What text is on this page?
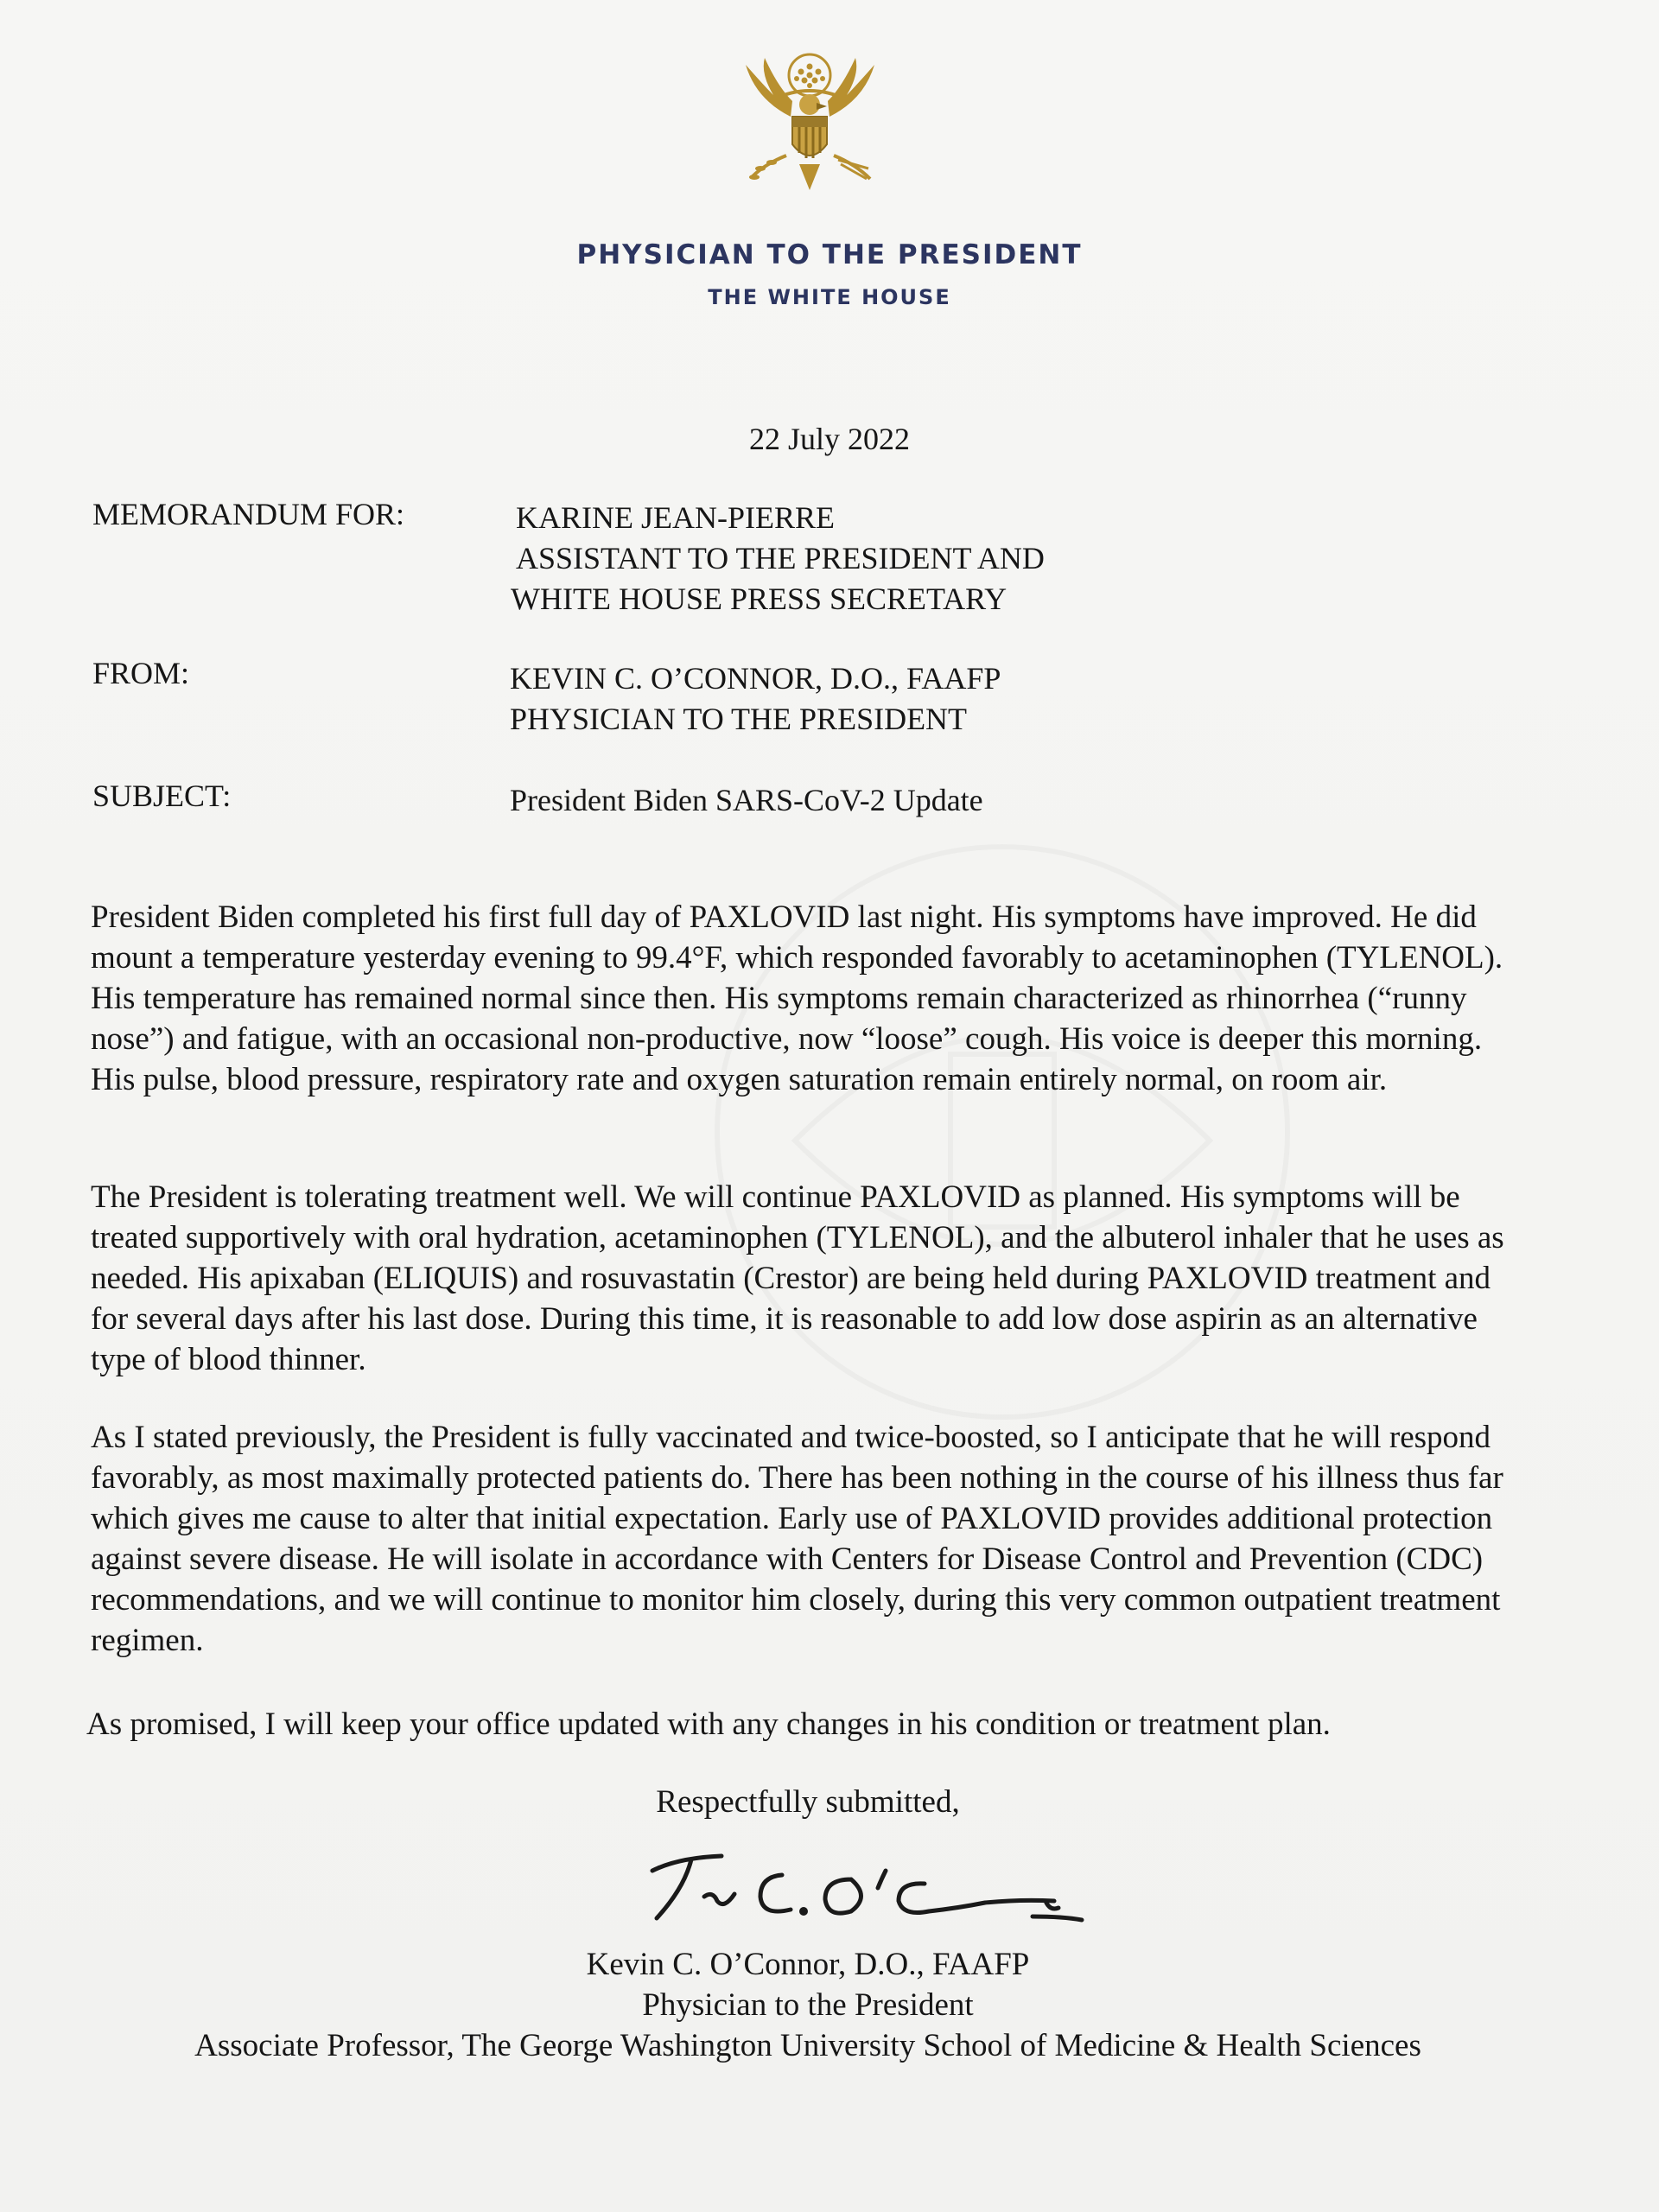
PHYSICIAN TO THE PRESIDENT
THE WHITE HOUSE
22 July 2022
MEMORANDUM FOR:	KARINE JEAN-PIERRE
ASSISTANT TO THE PRESIDENT AND
WHITE HOUSE PRESS SECRETARY
FROM:	KEVIN C. O’CONNOR, D.O., FAAFP
PHYSICIAN TO THE PRESIDENT
SUBJECT:	President Biden SARS-CoV-2 Update
President Biden completed his first full day of PAXLOVID last night. His symptoms have improved. He did mount a temperature yesterday evening to 99.4°F, which responded favorably to acetaminophen (TYLENOL). His temperature has remained normal since then. His symptoms remain characterized as rhinorrhea (“runny nose”) and fatigue, with an occasional non-productive, now “loose” cough. His voice is deeper this morning. His pulse, blood pressure, respiratory rate and oxygen saturation remain entirely normal, on room air.
The President is tolerating treatment well. We will continue PAXLOVID as planned. His symptoms will be treated supportively with oral hydration, acetaminophen (TYLENOL), and the albuterol inhaler that he uses as needed. His apixaban (ELIQUIS) and rosuvastatin (Crestor) are being held during PAXLOVID treatment and for several days after his last dose. During this time, it is reasonable to add low dose aspirin as an alternative type of blood thinner.
As I stated previously, the President is fully vaccinated and twice-boosted, so I anticipate that he will respond favorably, as most maximally protected patients do. There has been nothing in the course of his illness thus far which gives me cause to alter that initial expectation. Early use of PAXLOVID provides additional protection against severe disease. He will isolate in accordance with Centers for Disease Control and Prevention (CDC) recommendations, and we will continue to monitor him closely, during this very common outpatient treatment regimen.
As promised, I will keep your office updated with any changes in his condition or treatment plan.
Respectfully submitted,
Kevin C. O’Connor, D.O., FAAFP
Physician to the President
Associate Professor, The George Washington University School of Medicine & Health Sciences
